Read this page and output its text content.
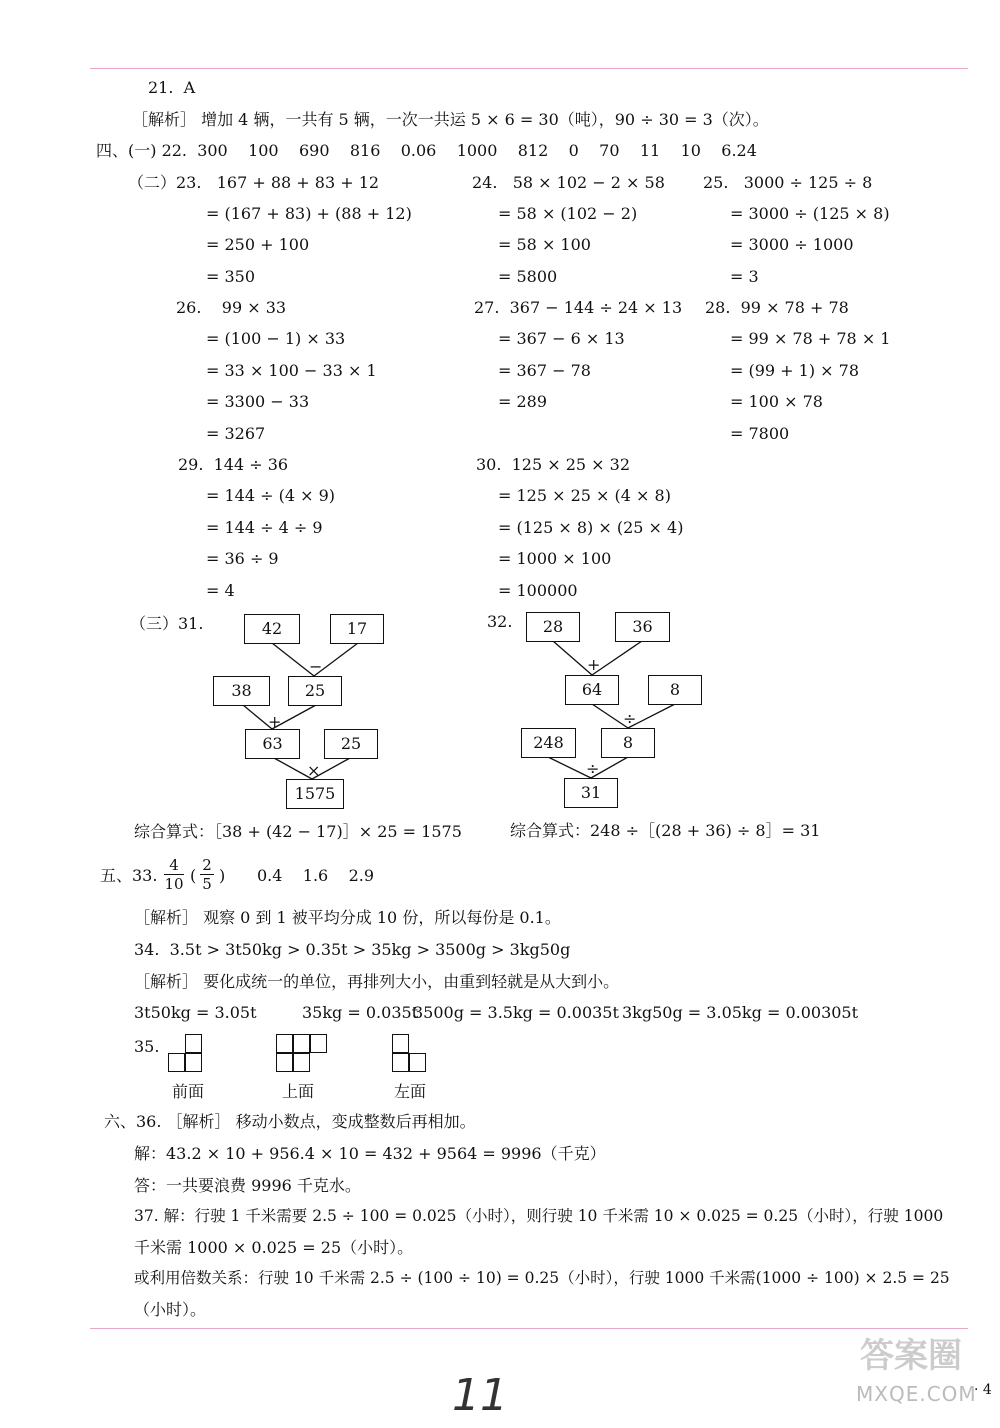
21.  A
［解析］ 增加 4 辆，一共有 5 辆，一次一共运 5 × 6 = 30（吨），90 ÷ 30 = 3（次）。
四、(一) 22.  300    100    690    816    0.06    1000    812    0    70    11    10    6.24
（二） 23.   167 + 88 + 83 + 12
= (167 + 83) + (88 + 12)
= 250 + 100
= 350
24.   58 × 102 − 2 × 58
= 58 × (102 − 2)
= 58 × 100
= 5800
25.   3000 ÷ 125 ÷ 8
= 3000 ÷ (125 × 8)
= 3000 ÷ 1000
= 3
26.    99 × 33
= (100 − 1) × 33
= 33 × 100 − 33 × 1
= 3300 − 33
= 3267
27.  367 − 144 ÷ 24 × 13
= 367 − 6 × 13
= 367 − 78
= 289
28.  99 × 78 + 78
= 99 × 78 + 78 × 1
= (99 + 1) × 78
= 100 × 78
= 7800
29.  144 ÷ 36
= 144 ÷ (4 × 9)
= 144 ÷ 4 ÷ 9
= 36 ÷ 9
= 4
30.  125 × 25 × 32
= 125 × 25 × (4 × 8)
= (125 × 8) × (25 × 4)
= 1000 × 100
= 100000
（三）31.	32.
42	17
38	25
63	25
1575
−
+
×
28	36
64	8
248	8
31
+
÷
÷
综合算式：［38 + (42 − 17)］× 25 = 1575	综合算式：248 ÷［(28 + 36) ÷ 8］= 31
五、33.
4
10 (
2
5 ) 0.4    1.6    2.9
［解析］ 观察 0 到 1 被平均分成 10 份，所以每份是 0.1。
34.  3.5t > 3t50kg > 0.35t > 35kg > 3500g > 3kg50g
［解析］ 要化成统一的单位，再排列大小，由重到轻就是从大到小。
3t50kg = 3.05t	35kg = 0.035t
3500g = 3.5kg = 0.0035t 3kg50g = 3.05kg = 0.00305t
35.
前面	上面	左面
六、36. ［解析］ 移动小数点，变成整数后再相加。
解：43.2 × 10 + 956.4 × 10 = 432 + 9564 = 9996（千克）
答：一共要浪费 9996 千克水。
37. 解：行驶 1 千米需要 2.5 ÷ 100 = 0.025（小时），则行驶 10 千米需 10 × 0.025 = 0.25（小时），行驶 1000
千米需 1000 × 0.025 = 25（小时）。
或利用倍数关系：行驶 10 千米需 2.5 ÷ (100 ÷ 10) = 0.25（小时），行驶 1000 千米需(1000 ÷ 100) × 2.5 = 25
（小时）。
11
答案圈
MXQE.COM
· 4
